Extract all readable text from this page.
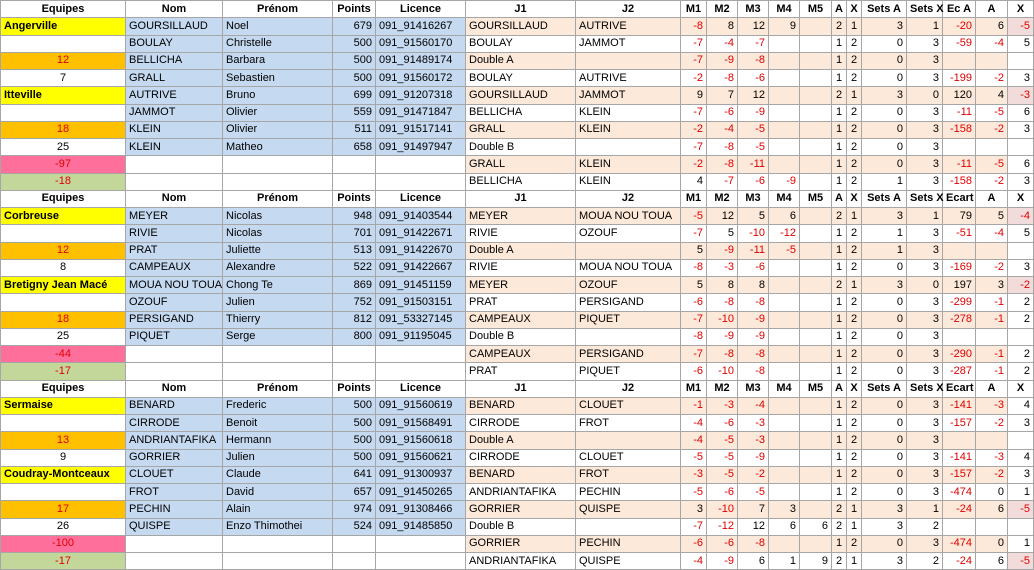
Equipes	Nom	Prénom	Points	Licence	J1	J2	M1	M2	M3	M4	M5	A	X	Sets A	Sets X	Ec A	A	X
Angerville	GOURSILLAUD	Noel	679	091_91416267	GOURSILLAUD	AUTRIVE	-8	8	12	9		2	1	3	1	-20	6	-5
	BOULAY	Christelle	500	091_91560170	BOULAY	JAMMOT	-7	-4	-7			1	2	0	3	-59	-4	5
12	BELLICHA	Barbara	500	091_91489174	Double A		-7	-9	-8			1	2	0	3			
7	GRALL	Sebastien	500	091_91560172	BOULAY	AUTRIVE	-2	-8	-6			1	2	0	3	-199	-2	3
Itteville	AUTRIVE	Bruno	699	091_91207318	GOURSILLAUD	JAMMOT	9	7	12			2	1	3	0	120	4	-3
	JAMMOT	Olivier	559	091_91471847	BELLICHA	KLEIN	-7	-6	-9			1	2	0	3	-11	-5	6
18	KLEIN	Olivier	511	091_91517141	GRALL	KLEIN	-2	-4	-5			1	2	0	3	-158	-2	3
25	KLEIN	Matheo	658	091_91497947	Double B		-7	-8	-5			1	2	0	3			
-97					GRALL	KLEIN	-2	-8	-11			1	2	0	3	-11	-5	6
-18					BELLICHA	KLEIN	4	-7	-6	-9		1	2	1	3	-158	-2	3
Equipes	Nom	Prénom	Points	Licence	J1	J2	M1	M2	M3	M4	M5	A	X	Sets A	Sets X	Ecart	A	X
Corbreuse	MEYER	Nicolas	948	091_91403544	MEYER	MOUA NOU TOUA	-5	12	5	6		2	1	3	1	79	5	-4
	RIVIE	Nicolas	701	091_91422671	RIVIE	OZOUF	-7	5	-10	-12		1	2	1	3	-51	-4	5
12	PRAT	Juliette	513	091_91422670	Double A		5	-9	-11	-5		1	2	1	3			
8	CAMPEAUX	Alexandre	522	091_91422667	RIVIE	MOUA NOU TOUA	-8	-3	-6			1	2	0	3	-169	-2	3
Bretigny Jean Macé	MOUA NOU TOUA	Chong Te	869	091_91451159	MEYER	OZOUF	5	8	8			2	1	3	0	197	3	-2
	OZOUF	Julien	752	091_91503151	PRAT	PERSIGAND	-6	-8	-8			1	2	0	3	-299	-1	2
18	PERSIGAND	Thierry	812	091_53327145	CAMPEAUX	PIQUET	-7	-10	-9			1	2	0	3	-278	-1	2
25	PIQUET	Serge	800	091_91195045	Double B		-8	-9	-9			1	2	0	3			
-44					CAMPEAUX	PERSIGAND	-7	-8	-8			1	2	0	3	-290	-1	2
-17					PRAT	PIQUET	-6	-10	-8			1	2	0	3	-287	-1	2
Equipes	Nom	Prénom	Points	Licence	J1	J2	M1	M2	M3	M4	M5	A	X	Sets A	Sets X	Ecart	A	X
Sermaise	BENARD	Frederic	500	091_91560619	BENARD	CLOUET	-1	-3	-4			1	2	0	3	-141	-3	4
	CIRRODE	Benoit	500	091_91568491	CIRRODE	FROT	-4	-6	-3			1	2	0	3	-157	-2	3
13	ANDRIANTAFIKA	Hermann	500	091_91560618	Double A		-4	-5	-3			1	2	0	3			
9	GORRIER	Julien	500	091_91560621	CIRRODE	CLOUET	-5	-5	-9			1	2	0	3	-141	-3	4
Coudray-Montceaux	CLOUET	Claude	641	091_91300937	BENARD	FROT	-3	-5	-2			1	2	0	3	-157	-2	3
	FROT	David	657	091_91450265	ANDRIANTAFIKA	PECHIN	-5	-6	-5			1	2	0	3	-474	0	1
17	PECHIN	Alain	974	091_91308466	GORRIER	QUISPE	3	-10	7	3		2	1	3	1	-24	6	-5
26	QUISPE	Enzo Thimothei	524	091_91485850	Double B		-7	-12	12	6	6	2	1	3	2			
-100					GORRIER	PECHIN	-6	-6	-8			1	2	0	3	-474	0	1
-17					ANDRIANTAFIKA	QUISPE	-4	-9	6	1	9	2	1	3	2	-24	6	-5
